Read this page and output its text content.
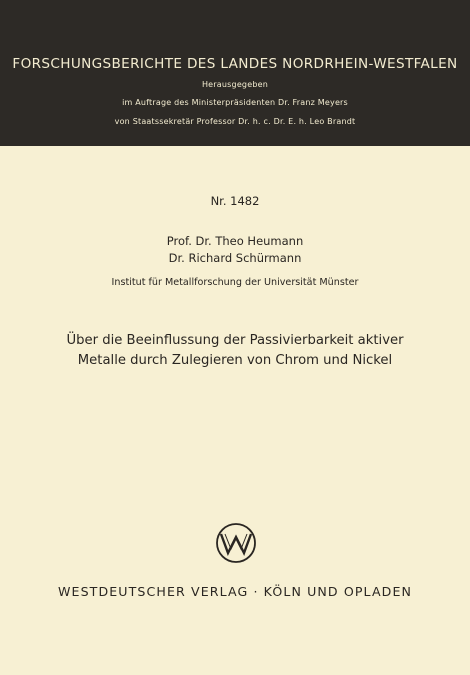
FORSCHUNGSBERICHTE DES LANDES NORDRHEIN-WESTFALEN
Herausgegeben
im Auftrage des Ministerpräsidenten Dr. Franz Meyers
von Staatssekretär Professor Dr. h. c. Dr. E. h. Leo Brandt
Nr. 1482
Prof. Dr. Theo Heumann
Dr. Richard Schürmann
Institut für Metallforschung der Universität Münster
Über die Beeinflussung der Passivierbarkeit aktiver
Metalle durch Zulegieren von Chrom und Nickel
WESTDEUTSCHER VERLAG · KÖLN UND OPLADEN
